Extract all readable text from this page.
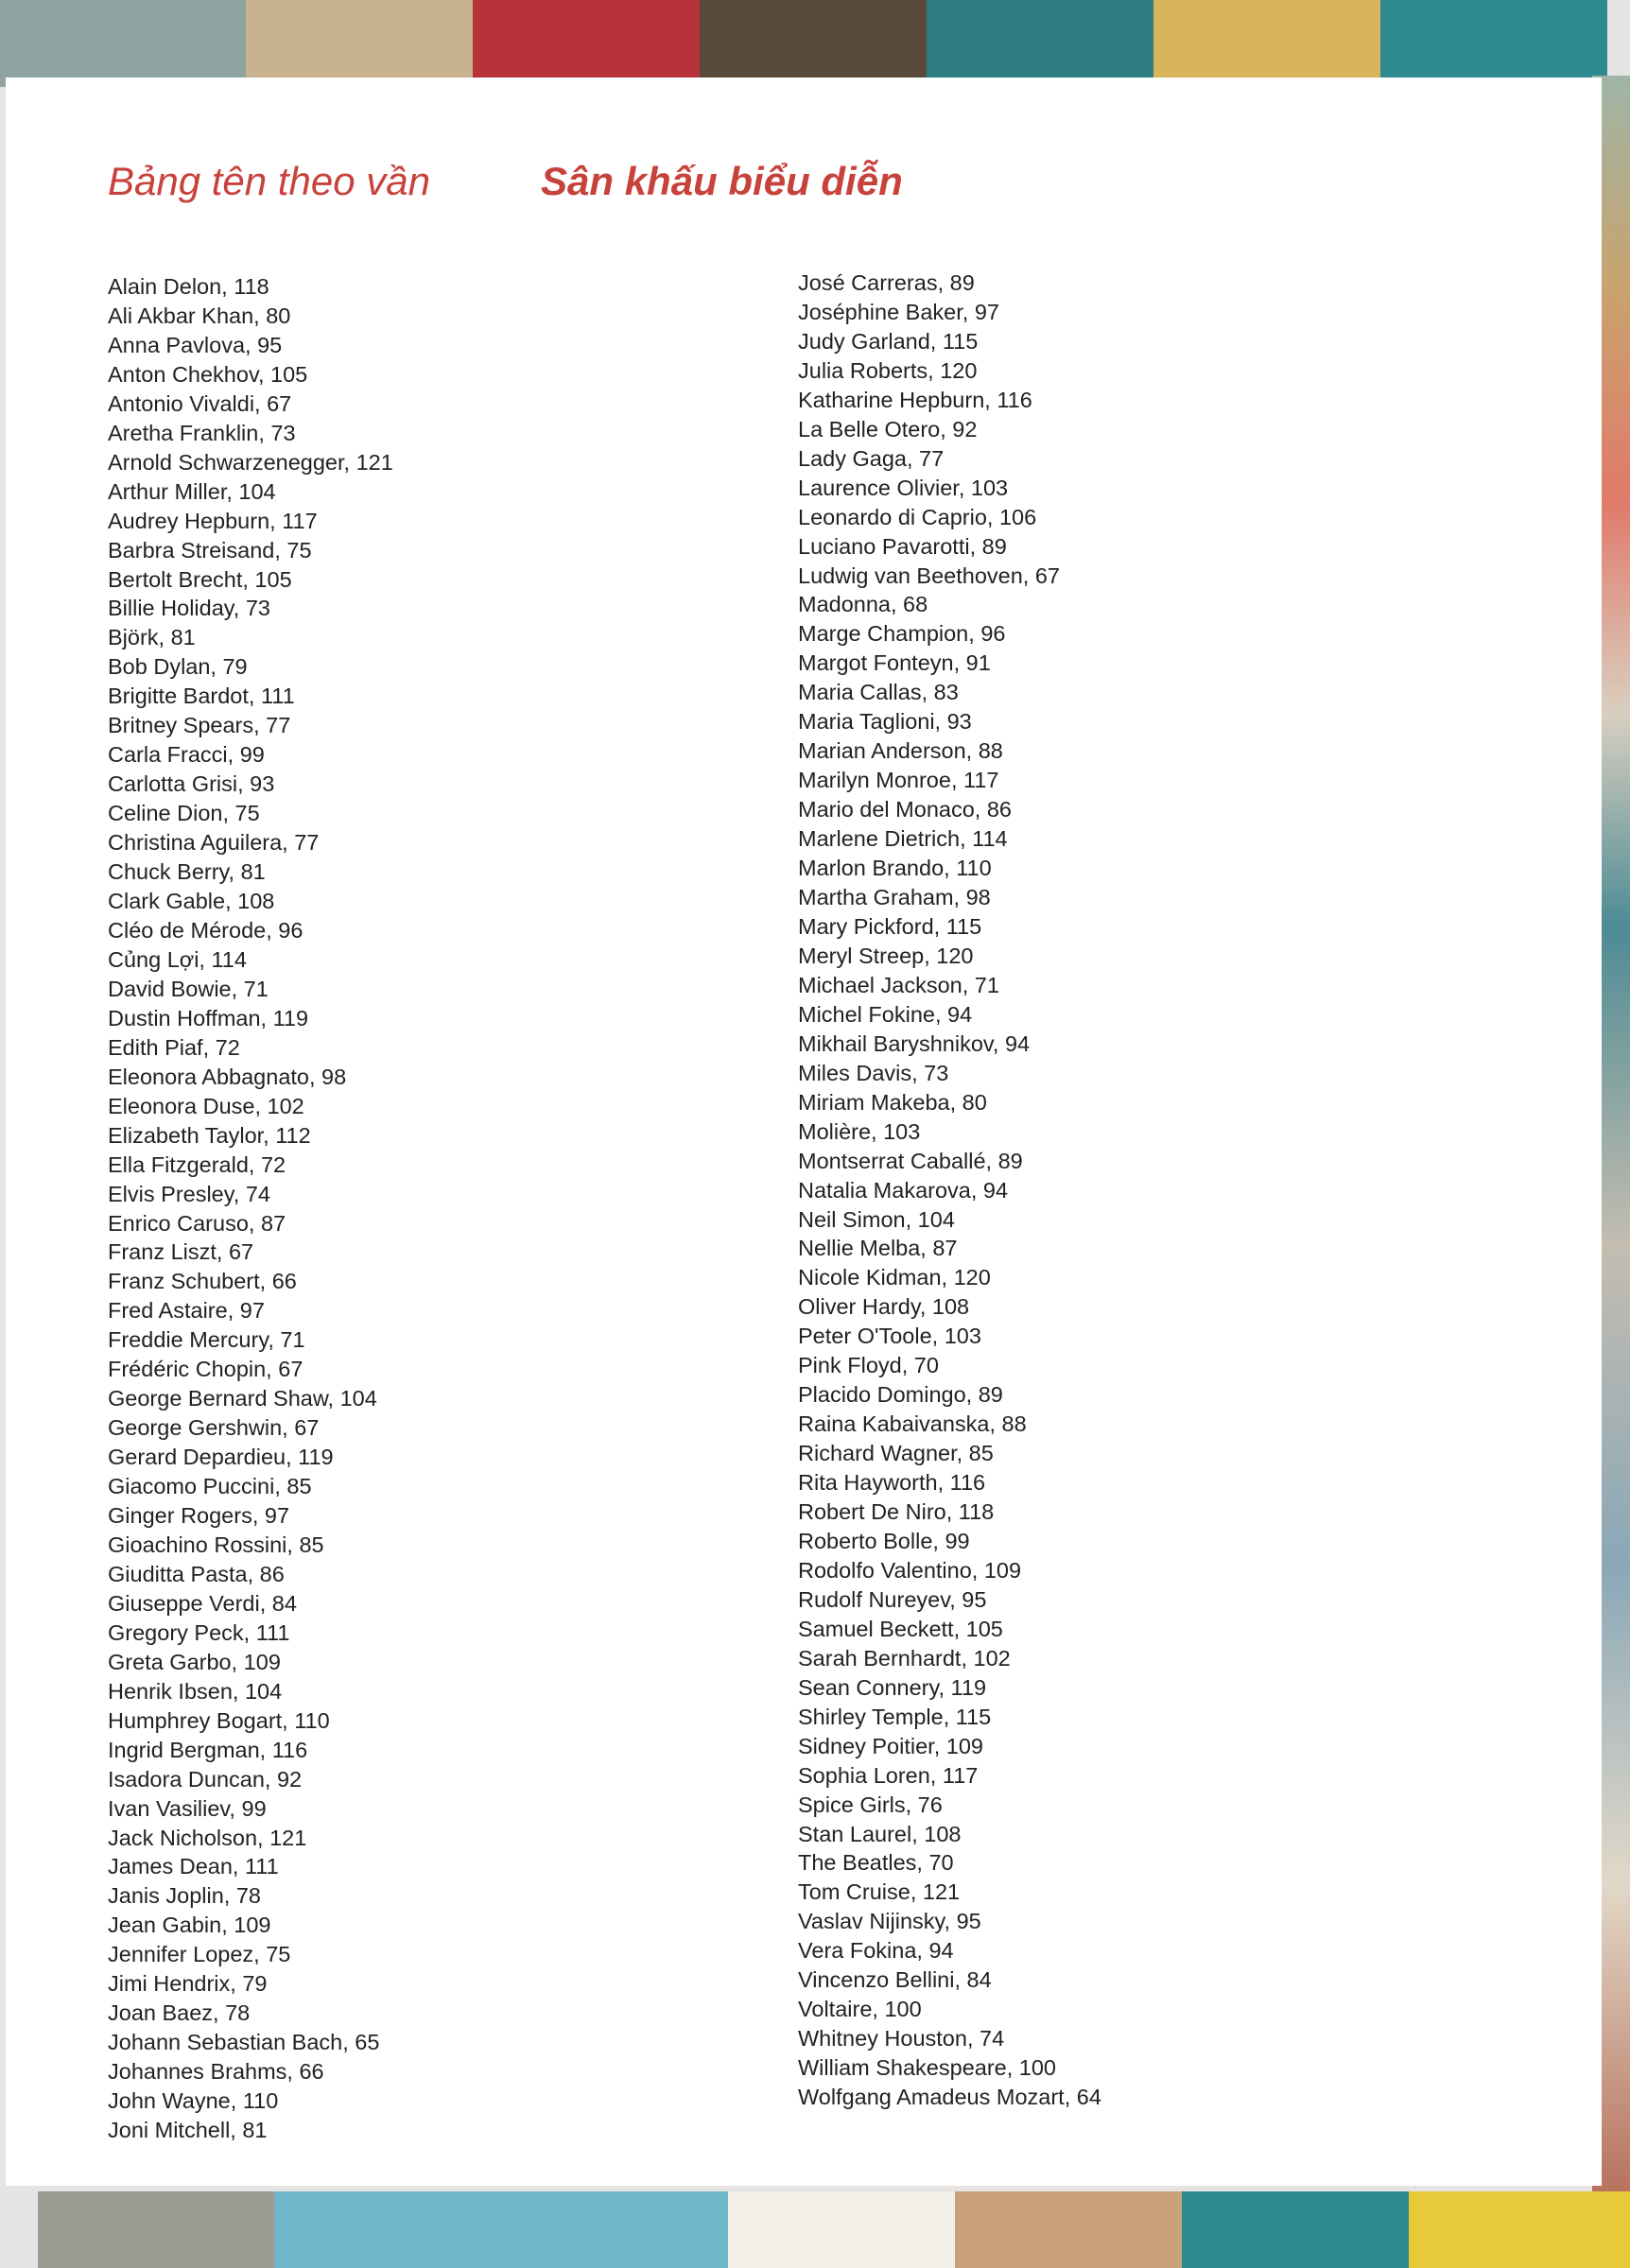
Bảng tên theo vần	Sân khấu biểu diễn
Alain Delon, 118
Ali Akbar Khan, 80
Anna Pavlova, 95
Anton Chekhov, 105
Antonio Vivaldi, 67
Aretha Franklin, 73
Arnold Schwarzenegger, 121
Arthur Miller, 104
Audrey Hepburn, 117
Barbra Streisand, 75
Bertolt Brecht, 105
Billie Holiday, 73
Björk, 81
Bob Dylan, 79
Brigitte Bardot, 111
Britney Spears, 77
Carla Fracci, 99
Carlotta Grisi, 93
Celine Dion, 75
Christina Aguilera, 77
Chuck Berry, 81
Clark Gable, 108
Cléo de Mérode, 96
Củng Lợi, 114
David Bowie, 71
Dustin Hoffman, 119
Edith Piaf, 72
Eleonora Abbagnato, 98
Eleonora Duse, 102
Elizabeth Taylor, 112
Ella Fitzgerald, 72
Elvis Presley, 74
Enrico Caruso, 87
Franz Liszt, 67
Franz Schubert, 66
Fred Astaire, 97
Freddie Mercury, 71
Frédéric Chopin, 67
George Bernard Shaw, 104
George Gershwin, 67
Gerard Depardieu, 119
Giacomo Puccini, 85
Ginger Rogers, 97
Gioachino Rossini, 85
Giuditta Pasta, 86
Giuseppe Verdi, 84
Gregory Peck, 111
Greta Garbo, 109
Henrik Ibsen, 104
Humphrey Bogart, 110
Ingrid Bergman, 116
Isadora Duncan, 92
Ivan Vasiliev, 99
Jack Nicholson, 121
James Dean, 111
Janis Joplin, 78
Jean Gabin, 109
Jennifer Lopez, 75
Jimi Hendrix, 79
Joan Baez, 78
Johann Sebastian Bach, 65
Johannes Brahms, 66
John Wayne, 110
Joni Mitchell, 81
José Carreras, 89
Joséphine Baker, 97
Judy Garland, 115
Julia Roberts, 120
Katharine Hepburn, 116
La Belle Otero, 92
Lady Gaga, 77
Laurence Olivier, 103
Leonardo di Caprio, 106
Luciano Pavarotti, 89
Ludwig van Beethoven, 67
Madonna, 68
Marge Champion, 96
Margot Fonteyn, 91
Maria Callas, 83
Maria Taglioni, 93
Marian Anderson, 88
Marilyn Monroe, 117
Mario del Monaco, 86
Marlene Dietrich, 114
Marlon Brando, 110
Martha Graham, 98
Mary Pickford, 115
Meryl Streep, 120
Michael Jackson, 71
Michel Fokine, 94
Mikhail Baryshnikov, 94
Miles Davis, 73
Miriam Makeba, 80
Molière, 103
Montserrat Caballé, 89
Natalia Makarova, 94
Neil Simon, 104
Nellie Melba, 87
Nicole Kidman, 120
Oliver Hardy, 108
Peter O'Toole, 103
Pink Floyd, 70
Placido Domingo, 89
Raina Kabaivanska, 88
Richard Wagner, 85
Rita Hayworth, 116
Robert De Niro, 118
Roberto Bolle, 99
Rodolfo Valentino, 109
Rudolf Nureyev, 95
Samuel Beckett, 105
Sarah Bernhardt, 102
Sean Connery, 119
Shirley Temple, 115
Sidney Poitier, 109
Sophia Loren, 117
Spice Girls, 76
Stan Laurel, 108
The Beatles, 70
Tom Cruise, 121
Vaslav Nijinsky, 95
Vera Fokina, 94
Vincenzo Bellini, 84
Voltaire, 100
Whitney Houston, 74
William Shakespeare, 100
Wolfgang Amadeus Mozart, 64
